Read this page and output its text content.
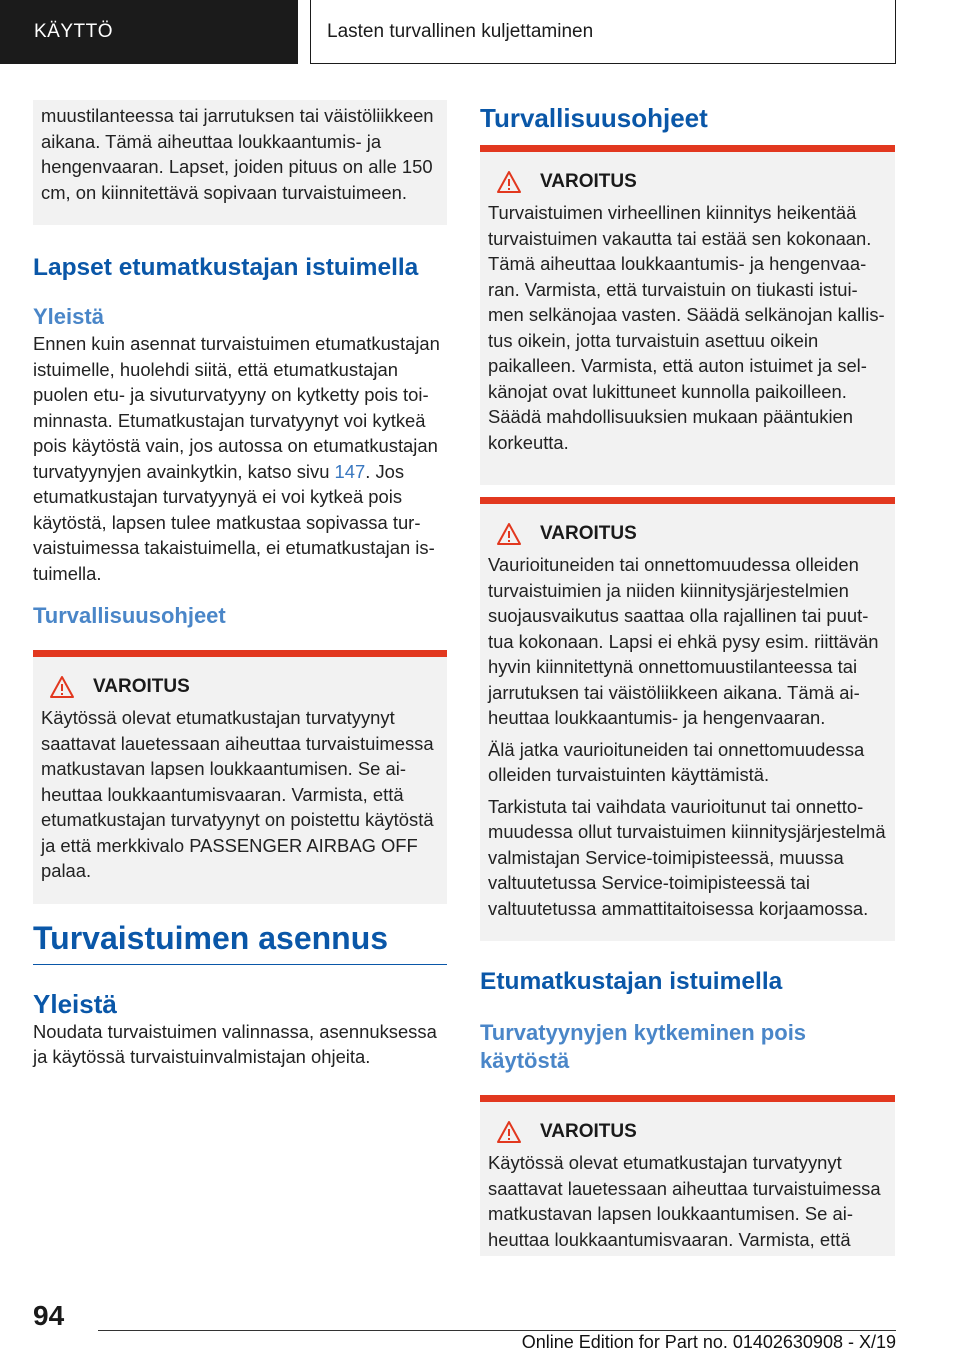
KÄYTTÖ	Lasten turvallinen kuljettaminen

muustilanteessa tai jarrutuksen tai väistöliikkeen aikana. Tämä aiheuttaa loukkaantumis- ja hengenvaaran. Lapset, joiden pituus on alle 150 cm, on kiinnitettävä sopivaan turvaistuimeen.

Lapset etumatkustajan istuimella
Yleistä

Ennen kuin asennat turvaistuimen etumatkustajan istuimelle, huolehdi siitä, että etumatkustajan puolen etu- ja sivuturvatyyny on kytketty pois toiminnasta. Etumatkustajan turvatyynyt voi kytkeä pois käytöstä vain, jos autossa on etumatkustajan turvatyynyjen avainkytkin, katso sivu 147. Jos etumatkustajan turvatyynyä ei voi kytkeä pois käytöstä, lapsen tulee matkustaa sopivassa turvaistuimessa takaistuimella, ei etumatkustajan istuimella.

Turvallisuusohjeet
VAROITUS

Käytössä olevat etumatkustajan turvatyynyt saattavat lauetessaan aiheuttaa turvaistuimessa matkustavan lapsen loukkaantumisen. Se aiheuttaa loukkaantumisvaaran. Varmista, että etumatkustajan turvatyynyt on poistettu käytöstä ja että merkkivalo PASSENGER AIRBAG OFF palaa.

Turvaistuimen asennus
Yleistä

Noudata turvaistuimen valinnassa, asennuksessa ja käytössä turvaistuinvalmistajan ohjeita.

Turvallisuusohjeet
VAROITUS

Turvaistuimen virheellinen kiinnitys heikentää turvaistuimen vakautta tai estää sen kokonaan. Tämä aiheuttaa loukkaantumis- ja hengenvaaran. Varmista, että turvaistuin on tiukasti istuimen selkänojaa vasten. Säädä selkänojan kallistus oikein, jotta turvaistuin asettuu oikein paikalleen. Varmista, että auton istuimet ja selkänojat ovat lukittuneet kunnolla paikoilleen. Säädä mahdollisuuksien mukaan pääntukien korkeutta.

VAROITUS

Vaurioituneiden tai onnettomuudessa olleiden turvaistuimien ja niiden kiinnitysjärjestelmien suojausvaikutus saattaa olla rajallinen tai puuttua kokonaan. Lapsi ei ehkä pysy esim. riittävän hyvin kiinnitettynä onnettomuustilanteessa tai jarrutuksen tai väistöliikkeen aikana. Tämä aiheuttaa loukkaantumis- ja hengenvaaran.

Älä jatka vaurioituneiden tai onnettomuudessa olleiden turvaistuinten käyttämistä.

Tarkistuta tai vaihdata vaurioitunut tai onnettomuudessa ollut turvaistuimen kiinnitysjärjestelmä valmistajan Service-toimipisteessä, muussa valtuutetussa Service-toimipisteessä tai valtuutetussa ammattitaitoisessa korjaamossa.

Etumatkustajan istuimella
Turvatyynyjen kytkeminen pois käytöstä
VAROITUS

Käytössä olevat etumatkustajan turvatyynyt saattavat lauetessaan aiheuttaa turvaistuimessa matkustavan lapsen loukkaantumisen. Se aiheuttaa loukkaantumisvaaran. Varmista, että

94
Online Edition for Part no. 01402630908 - X/19
